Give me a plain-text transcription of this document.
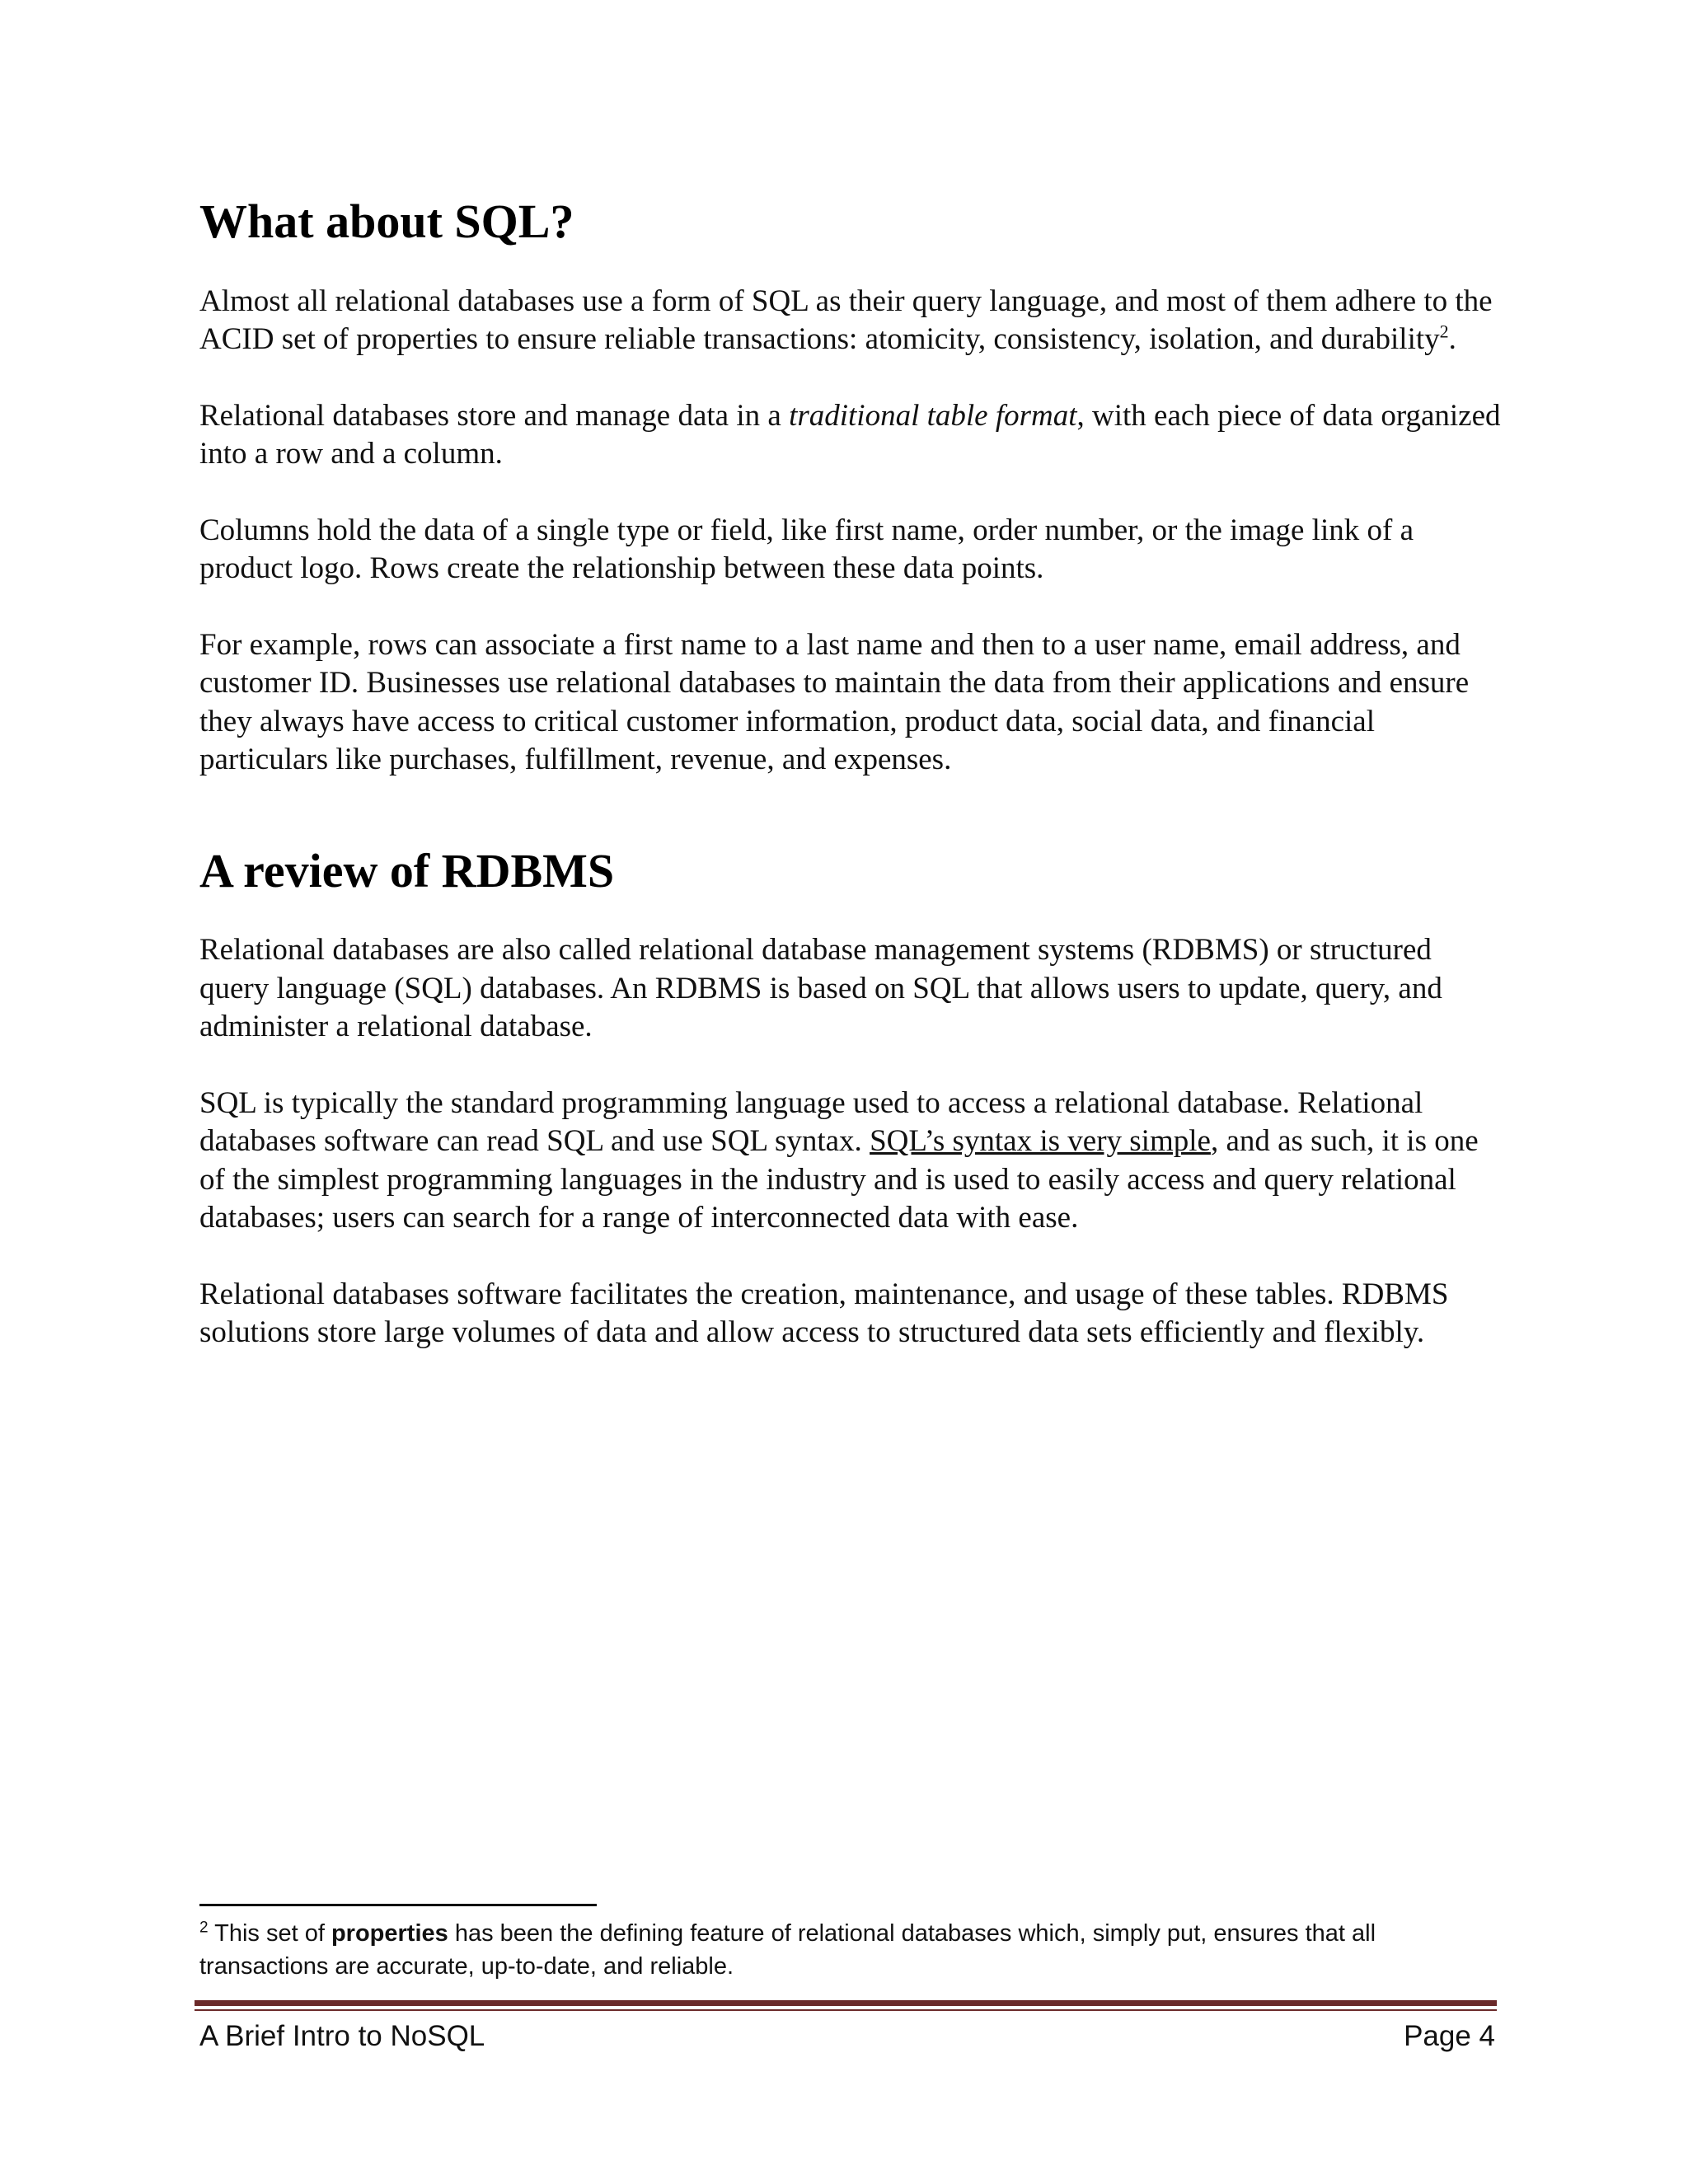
What about SQL?

Almost all relational databases use a form of SQL as their query language, and most of them adhere to the ACID set of properties to ensure reliable transactions: atomicity, consistency, isolation, and durability$^2$.

Relational databases store and manage data in a traditional table format, with each piece of data organized into a row and a column.

Columns hold the data of a single type or field, like first name, order number, or the image link of a product logo. Rows create the relationship between these data points.

For example, rows can associate a first name to a last name and then to a user name, email address, and customer ID. Businesses use relational databases to maintain the data from their applications and ensure they always have access to critical customer information, product data, social data, and financial particulars like purchases, fulfillment, revenue, and expenses.

A review of RDBMS

Relational databases are also called relational database management systems (RDBMS) or structured query language (SQL) databases. An RDBMS is based on SQL that allows users to update, query, and administer a relational database.

SQL is typically the standard programming language used to access a relational database. Relational databases software can read SQL and use SQL syntax. SQL’s syntax is very simple, and as such, it is one of the simplest programming languages in the industry and is used to easily access and query relational databases; users can search for a range of interconnected data with ease.

Relational databases software facilitates the creation, maintenance, and usage of these tables. RDBMS solutions store large volumes of data and allow access to structured data sets efficiently and flexibly.

$^2$ This set of properties has been the defining feature of relational databases which, simply put, ensures that all transactions are accurate, up-to-date, and reliable.
A Brief Intro to NoSQL	Page 4
